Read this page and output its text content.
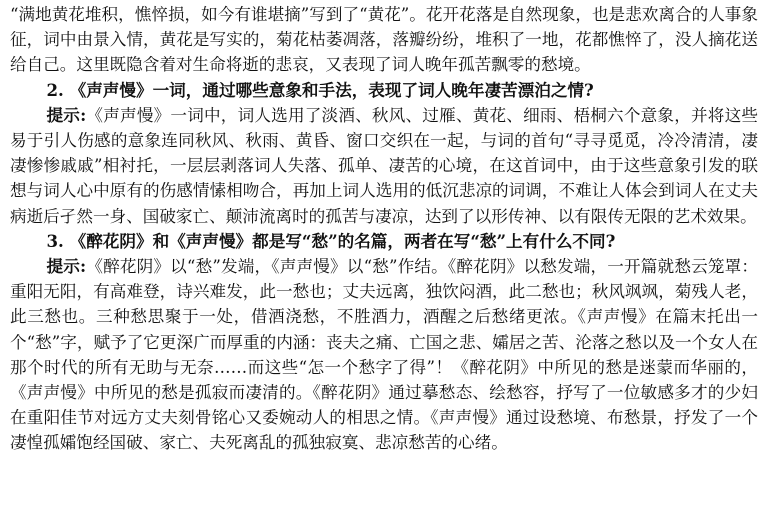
“满地黄花堆积，憔悴损，如今有谁堪摘”写到了“黄花”。花开花落是自然现象，也是悲欢离合的人事象征，词中由景入情，黄花是写实的，菊花枯萎凋落，落瓣纷纷，堆积了一地，花都憔悴了，没人摘花送给自己。这里既隐含着对生命将逝的悲哀，又表现了词人晚年孤苦飘零的愁境。

2. 《声声慢》一词，通过哪些意象和手法，表现了词人晚年凄苦漂泊之情?

提示:《声声慢》一词中，词人选用了淡酒、秋风、过雁、黄花、细雨、梧桐六个意象，并将这些易于引人伤感的意象连同秋风、秋雨、黄昏、窗口交织在一起，与词的首句“寻寻觅觅，冷冷清清，凄凄惨惨戚戚”相衬托，一层层剥落词人失落、孤单、凄苦的心境，在这首词中，由于这些意象引发的联想与词人心中原有的伤感情愫相吻合，再加上词人选用的低沉悲凉的词调，不难让人体会到词人在丈夫病逝后孑然一身、国破家亡、颠沛流离时的孤苦与凄凉，达到了以形传神、以有限传无限的艺术效果。

3. 《醉花阴》和《声声慢》都是写“愁”的名篇，两者在写“愁”上有什么不同?

提示:《醉花阴》以“愁”发端，《声声慢》以“愁”作结。《醉花阴》以愁发端，一开篇就愁云笼罩：重阳无阳，有高难登，诗兴难发，此一愁也；丈夫远离，独饮闷酒，此二愁也；秋风飒飒，菊残人老，此三愁也。三种愁思聚于一处，借酒浇愁，不胜酒力，酒醒之后愁绪更浓。《声声慢》在篇末托出一个“愁”字，赋予了它更深广而厚重的内涵：丧夫之痛、亡国之悲、孀居之苦、沦落之愁以及一个女人在那个时代的所有无助与无奈……而这些“怎一个愁字了得”！《醉花阴》中所见的愁是迷蒙而华丽的，《声声慢》中所见的愁是孤寂而凄清的。《醉花阴》通过摹愁态、绘愁容，抒写了一位敏感多才的少妇在重阳佳节对远方丈夫刻骨铭心又委婉动人的相思之情。《声声慢》通过设愁境、布愁景，抒发了一个凄惶孤孀饱经国破、家亡、夫死离乱的孤独寂寞、悲凉愁苦的心绪。
